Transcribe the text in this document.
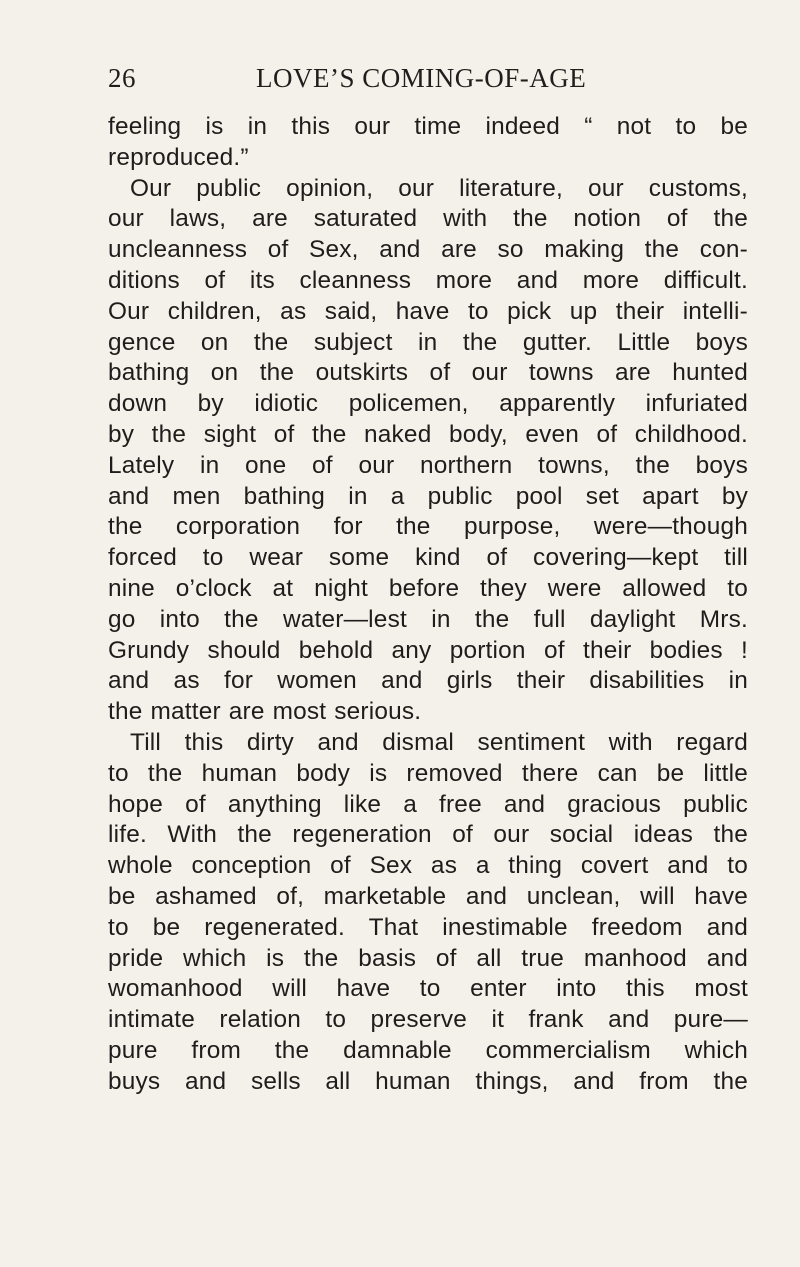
26	LOVE’S COMING-OF-AGE
feeling is in this our time indeed “ not to be
reproduced.”
Our public opinion, our literature, our customs,
our laws, are saturated with the notion of the
uncleanness of Sex, and are so making the con-
ditions of its cleanness more and more difficult.
Our children, as said, have to pick up their intelli-
gence on the subject in the gutter. Little boys
bathing on the outskirts of our towns are hunted
down by idiotic policemen, apparently infuriated
by the sight of the naked body, even of childhood.
Lately in one of our northern towns, the boys
and men bathing in a public pool set apart by
the corporation for the purpose, were—though
forced to wear some kind of covering—kept till
nine o’clock at night before they were allowed to
go into the water—lest in the full daylight Mrs.
Grundy should behold any portion of their bodies !
and as for women and girls their disabilities in
the matter are most serious.
Till this dirty and dismal sentiment with regard
to the human body is removed there can be little
hope of anything like a free and gracious public
life. With the regeneration of our social ideas the
whole conception of Sex as a thing covert and to
be ashamed of, marketable and unclean, will have
to be regenerated. That inestimable freedom and
pride which is the basis of all true manhood and
womanhood will have to enter into this most
intimate relation to preserve it frank and pure—
pure from the damnable commercialism which
buys and sells all human things, and from the
